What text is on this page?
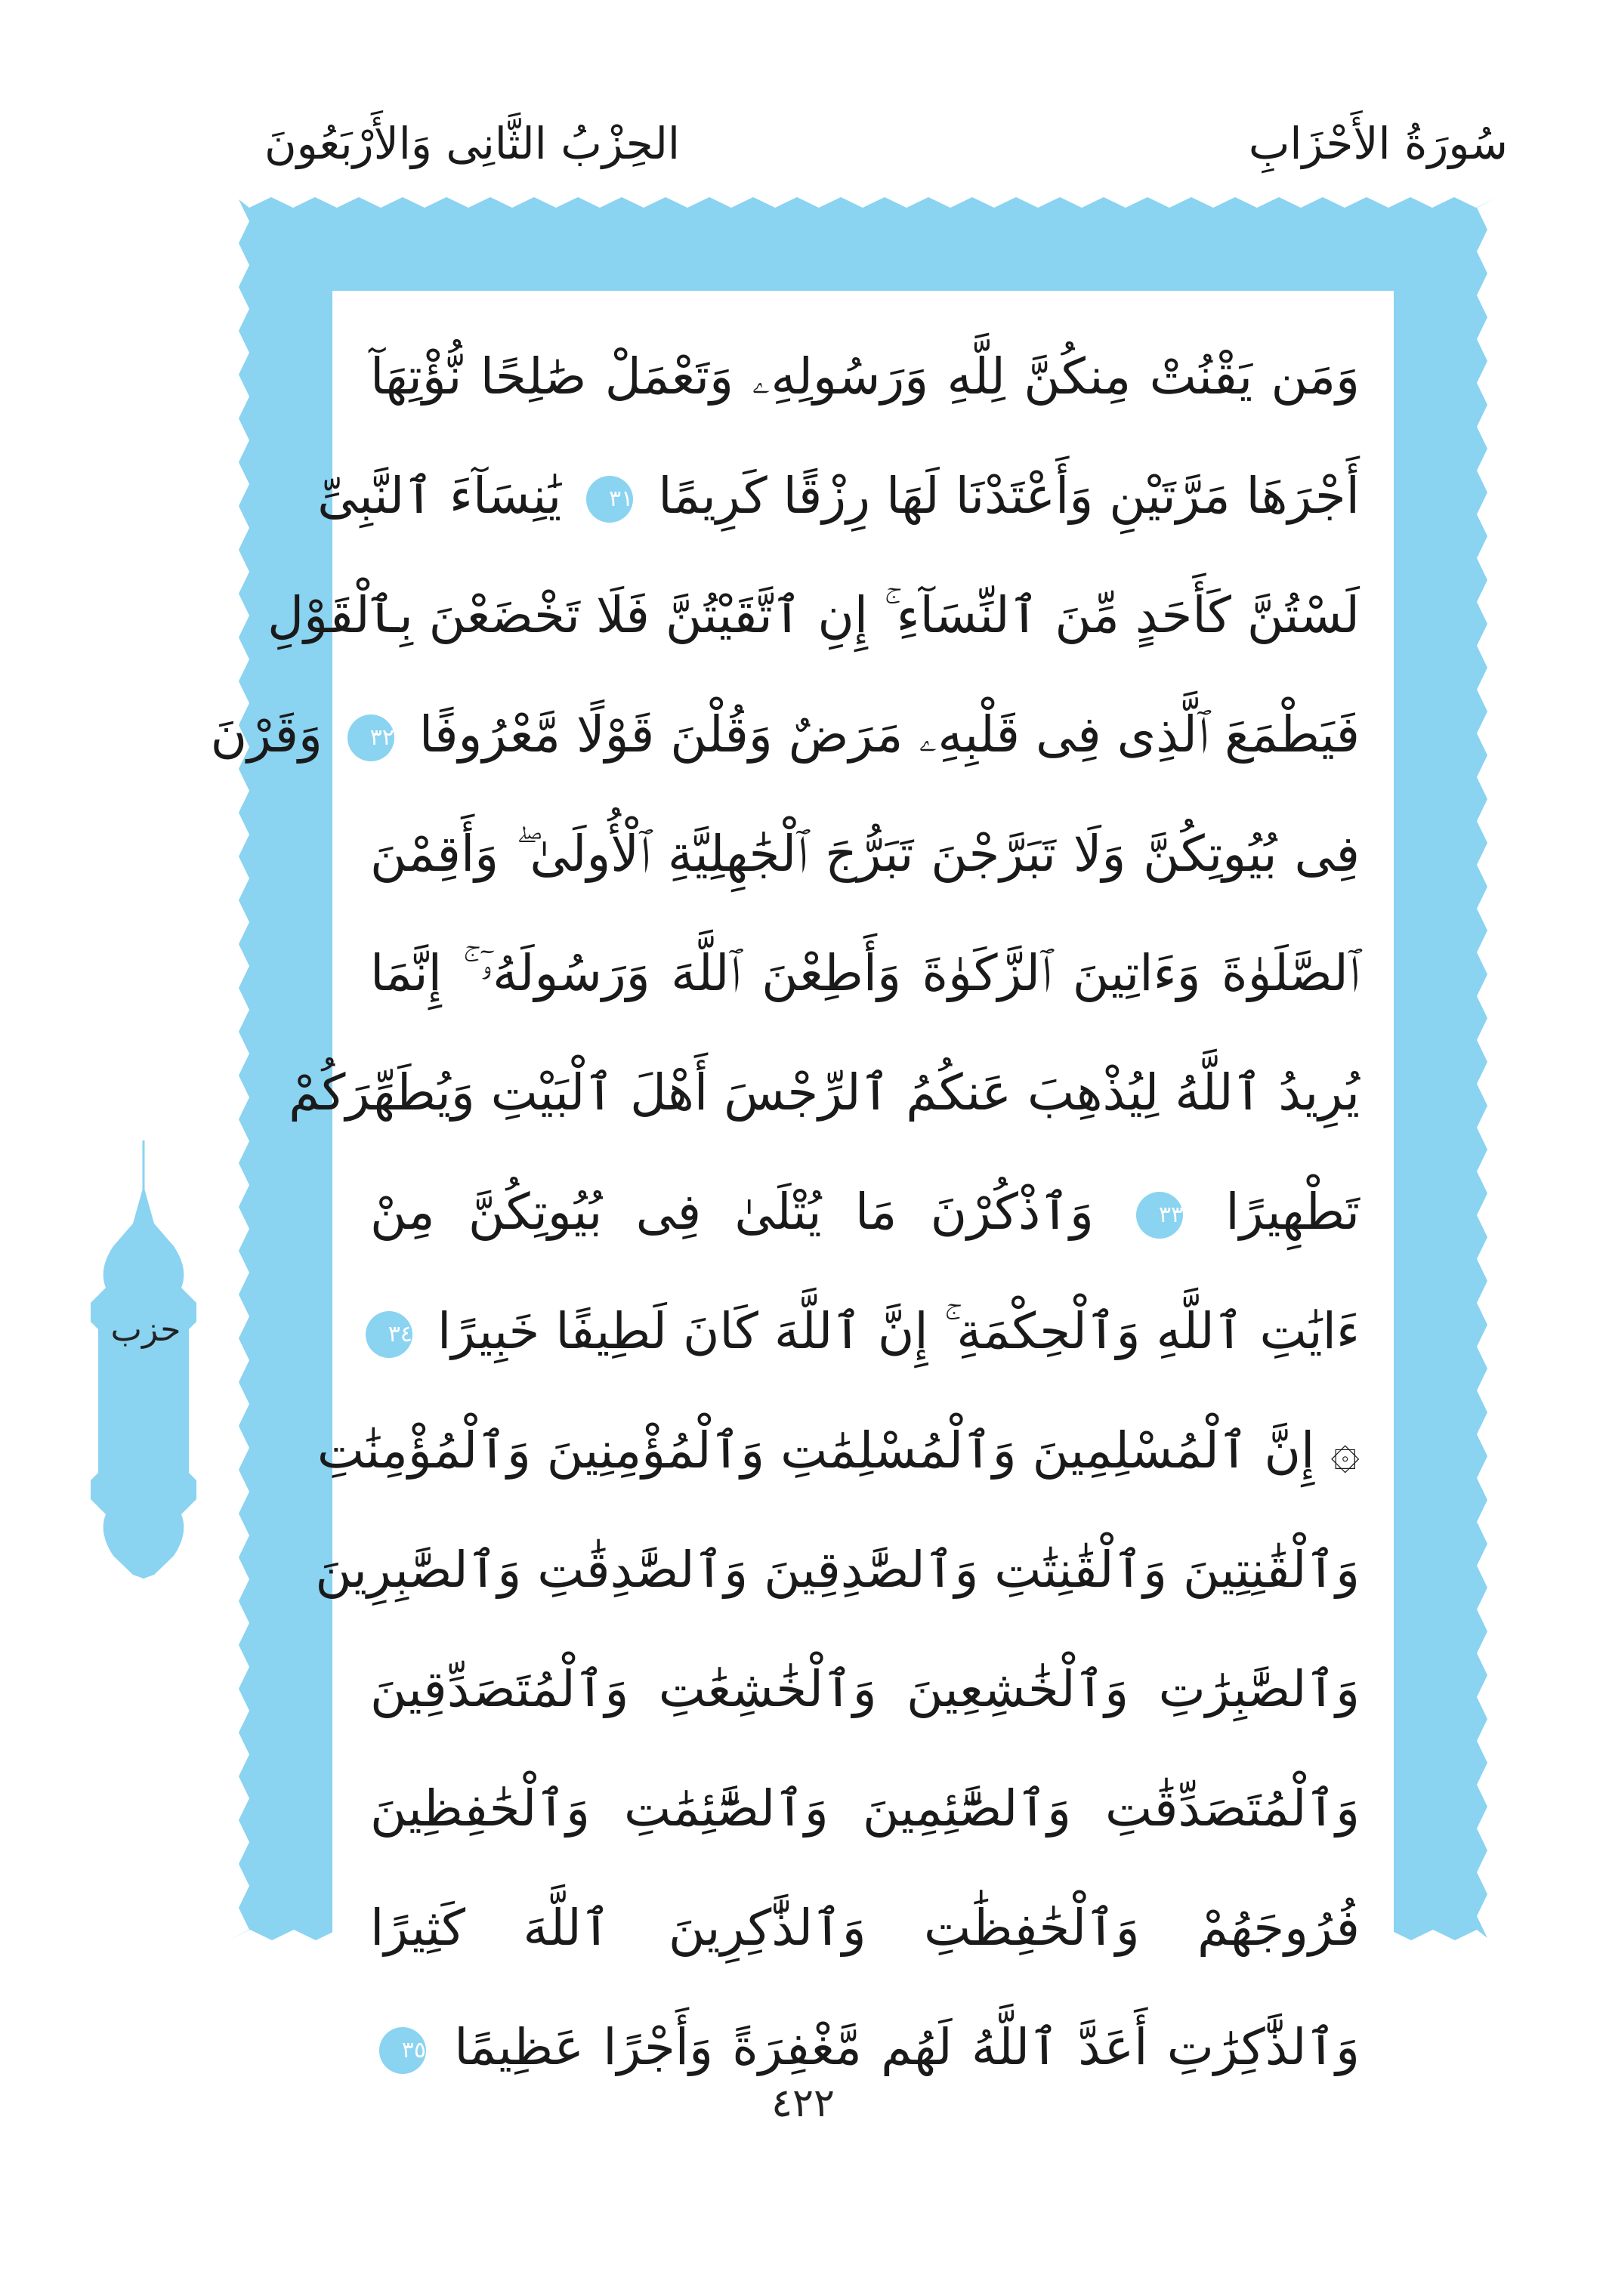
سُورَةُ الأَحْزَابِ
الحِزْبُ الثَّانِى وَالأَرْبَعُونَ
وَمَن يَقْنُتْ مِنكُنَّ لِلَّهِ وَرَسُولِهِۦ وَتَعْمَلْ صَٰلِحًا نُّؤْتِهَآ
أَجْرَهَا مَرَّتَيْنِ وَأَعْتَدْنَا لَهَا رِزْقًا كَرِيمًا ٣١ يَٰنِسَآءَ ٱلنَّبِىِّ
لَسْتُنَّ كَأَحَدٍ مِّنَ ٱلنِّسَآءِ ۚ إِنِ ٱتَّقَيْتُنَّ فَلَا تَخْضَعْنَ بِٱلْقَوْلِ
فَيَطْمَعَ ٱلَّذِى فِى قَلْبِهِۦ مَرَضٌ وَقُلْنَ قَوْلًا مَّعْرُوفًا ٣٢ وَقَرْنَ
فِى بُيُوتِكُنَّ وَلَا تَبَرَّجْنَ تَبَرُّجَ ٱلْجَٰهِلِيَّةِ ٱلْأُولَىٰ ۖ وَأَقِمْنَ
ٱلصَّلَوٰةَ وَءَاتِينَ ٱلزَّكَوٰةَ وَأَطِعْنَ ٱللَّهَ وَرَسُولَهُۥٓ ۚ إِنَّمَا
يُرِيدُ ٱللَّهُ لِيُذْهِبَ عَنكُمُ ٱلرِّجْسَ أَهْلَ ٱلْبَيْتِ وَيُطَهِّرَكُمْ
تَطْهِيرًا ٣٣ وَٱذْكُرْنَ مَا يُتْلَىٰ فِى بُيُوتِكُنَّ مِنْ
ءَايَٰتِ ٱللَّهِ وَٱلْحِكْمَةِ ۚ إِنَّ ٱللَّهَ كَانَ لَطِيفًا خَبِيرًا ٣٤
۞ إِنَّ ٱلْمُسْلِمِينَ وَٱلْمُسْلِمَٰتِ وَٱلْمُؤْمِنِينَ وَٱلْمُؤْمِنَٰتِ
وَٱلْقَٰنِتِينَ وَٱلْقَٰنِتَٰتِ وَٱلصَّٰدِقِينَ وَٱلصَّٰدِقَٰتِ وَٱلصَّٰبِرِينَ
وَٱلصَّٰبِرَٰتِ وَٱلْخَٰشِعِينَ وَٱلْخَٰشِعَٰتِ وَٱلْمُتَصَدِّقِينَ
وَٱلْمُتَصَدِّقَٰتِ وَٱلصَّٰٓئِمِينَ وَٱلصَّٰٓئِمَٰتِ وَٱلْحَٰفِظِينَ
فُرُوجَهُمْ وَٱلْحَٰفِظَٰتِ وَٱلذَّٰكِرِينَ ٱللَّهَ كَثِيرًا
وَٱلذَّٰكِرَٰتِ أَعَدَّ ٱللَّهُ لَهُم مَّغْفِرَةً وَأَجْرًا عَظِيمًا ٣٥
حزب
٤٢٢
